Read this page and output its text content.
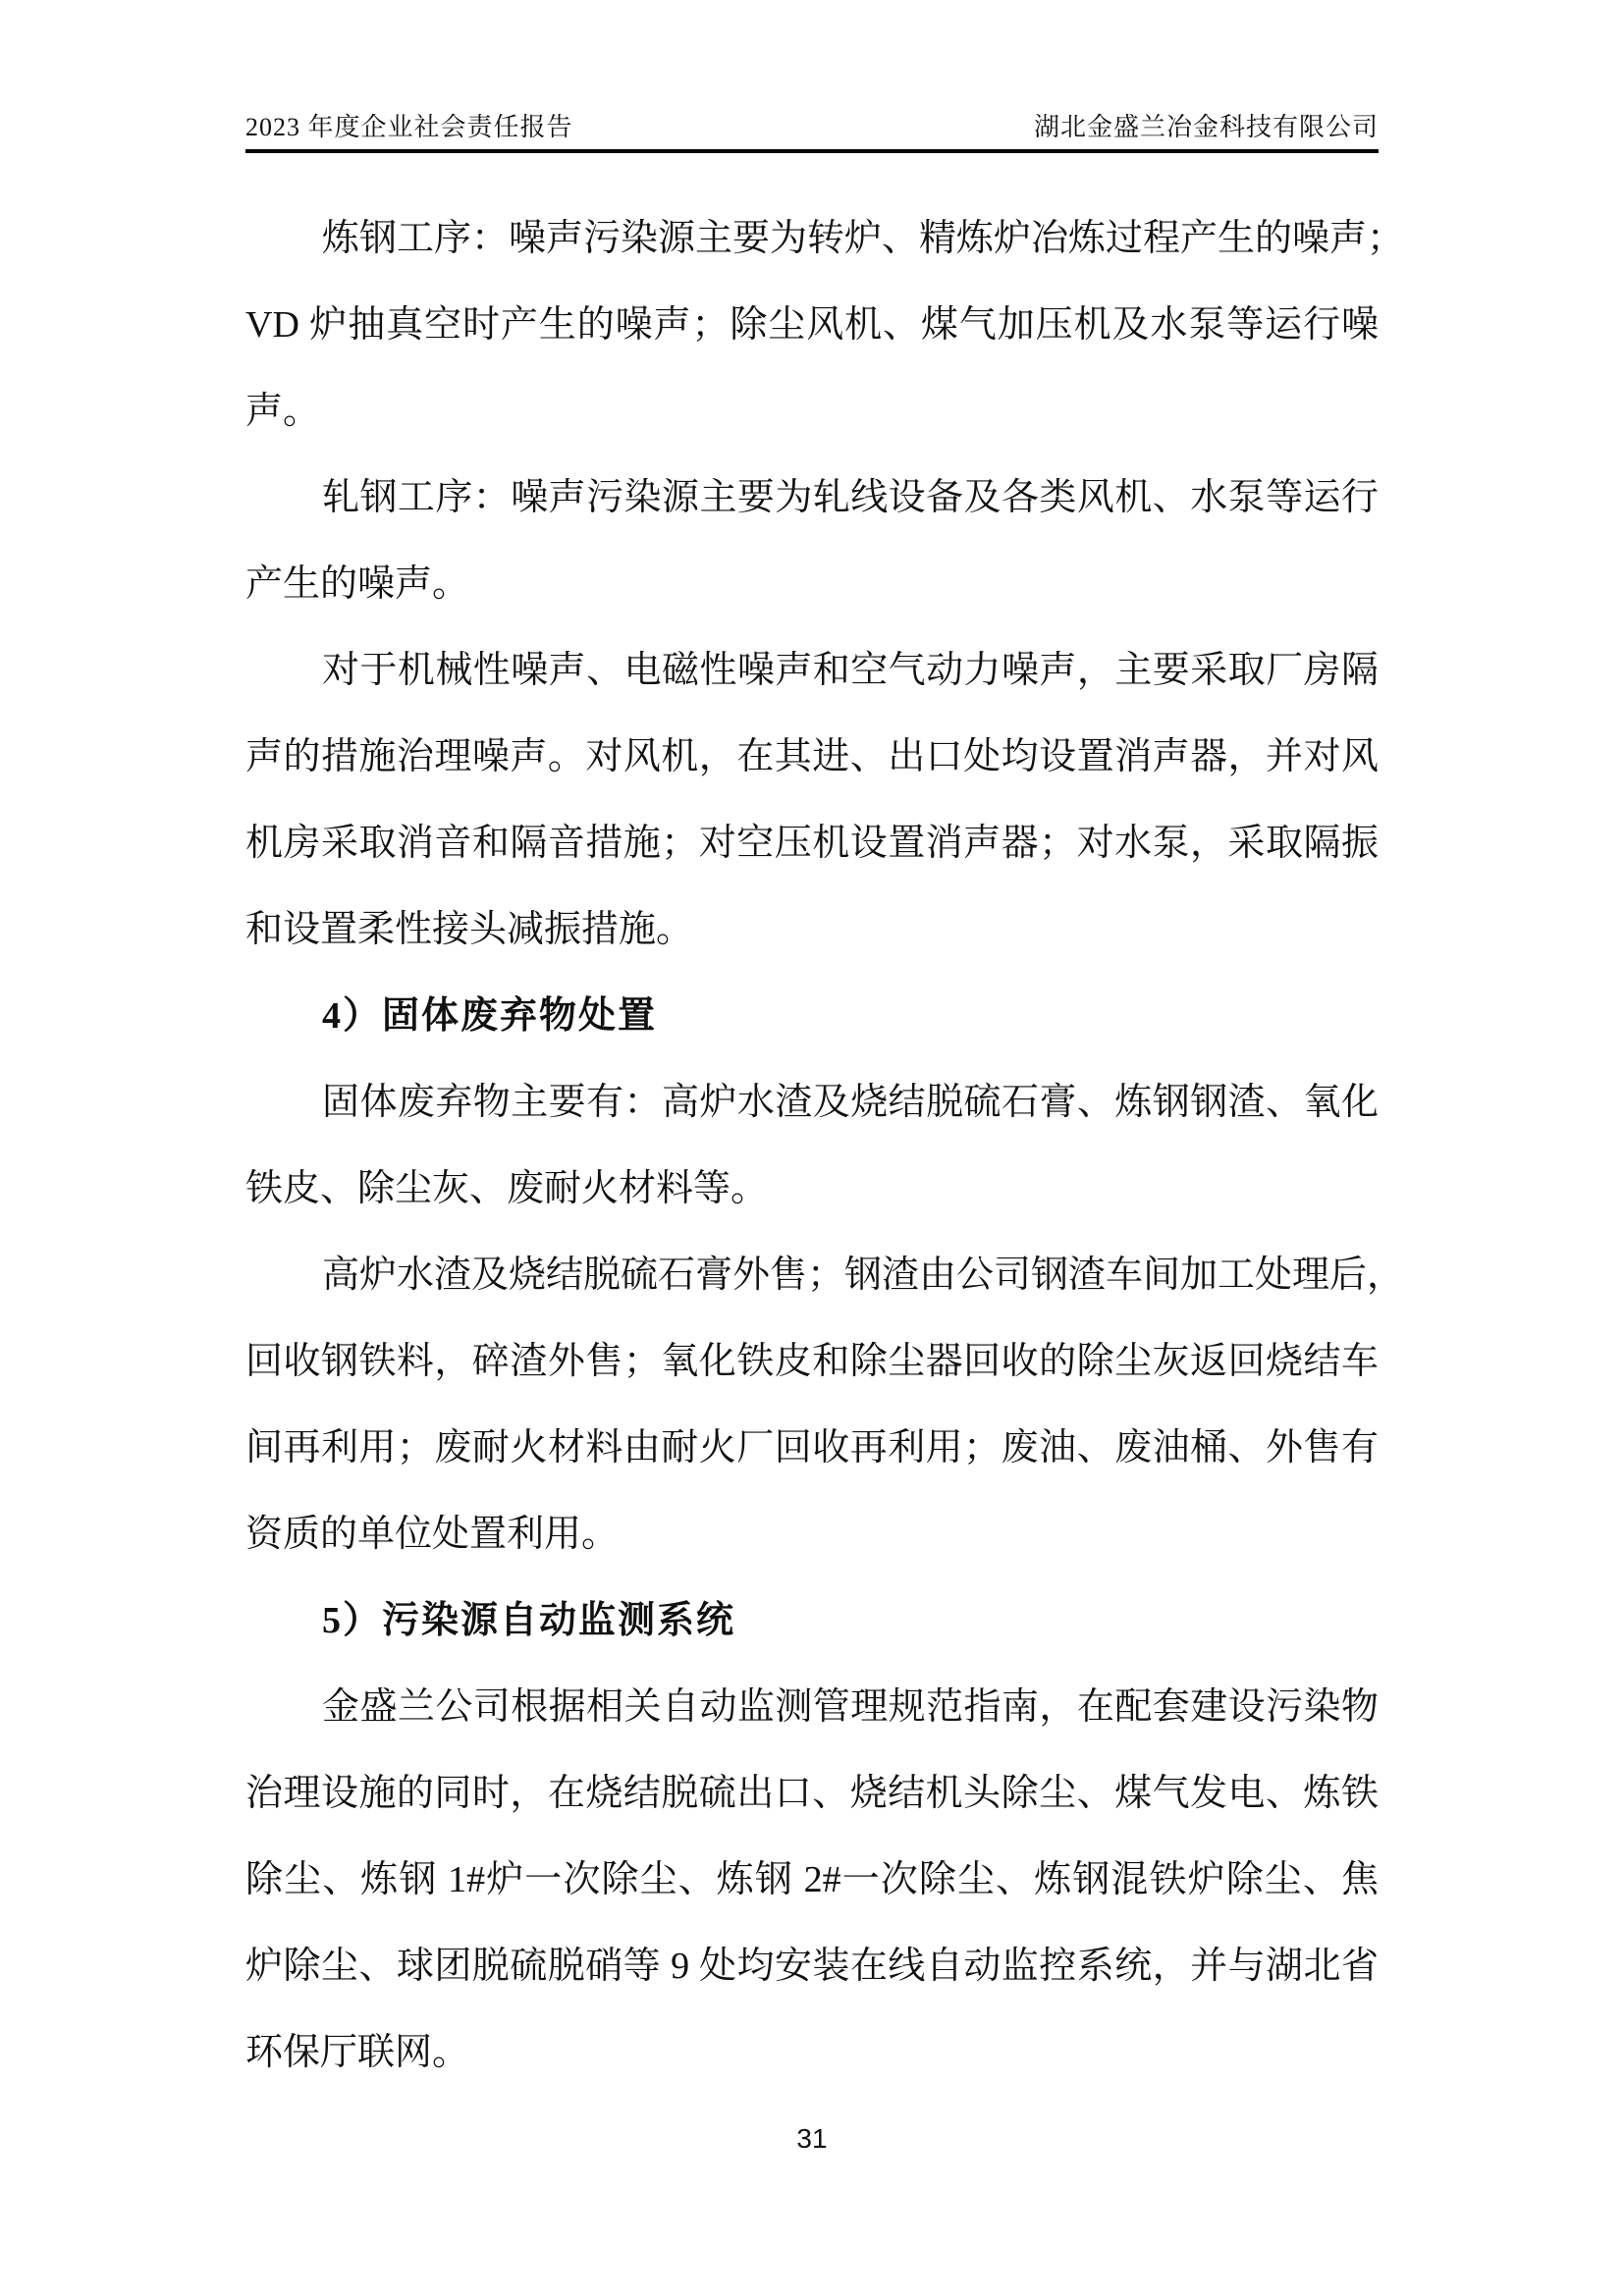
2023 年度企业社会责任报告	湖北金盛兰冶金科技有限公司
炼钢工序：噪声污染源主要为转炉、精炼炉冶炼过程产生的噪声；
VD 炉抽真空时产生的噪声；除尘风机、煤气加压机及水泵等运行噪
声。
轧钢工序：噪声污染源主要为轧线设备及各类风机、水泵等运行
产生的噪声。
对于机械性噪声、电磁性噪声和空气动力噪声，主要采取厂房隔
声的措施治理噪声。对风机，在其进、出口处均设置消声器，并对风
机房采取消音和隔音措施；对空压机设置消声器；对水泵，采取隔振
和设置柔性接头减振措施。
4）固体废弃物处置
固体废弃物主要有：高炉水渣及烧结脱硫石膏、炼钢钢渣、氧化
铁皮、除尘灰、废耐火材料等。
高炉水渣及烧结脱硫石膏外售；钢渣由公司钢渣车间加工处理后，
回收钢铁料，碎渣外售；氧化铁皮和除尘器回收的除尘灰返回烧结车
间再利用；废耐火材料由耐火厂回收再利用；废油、废油桶、外售有
资质的单位处置利用。
5）污染源自动监测系统
金盛兰公司根据相关自动监测管理规范指南，在配套建设污染物
治理设施的同时，在烧结脱硫出口、烧结机头除尘、煤气发电、炼铁
除尘、炼钢 1#炉一次除尘、炼钢 2#一次除尘、炼钢混铁炉除尘、焦
炉除尘、球团脱硫脱硝等 9 处均安装在线自动监控系统，并与湖北省
环保厅联网。
31
